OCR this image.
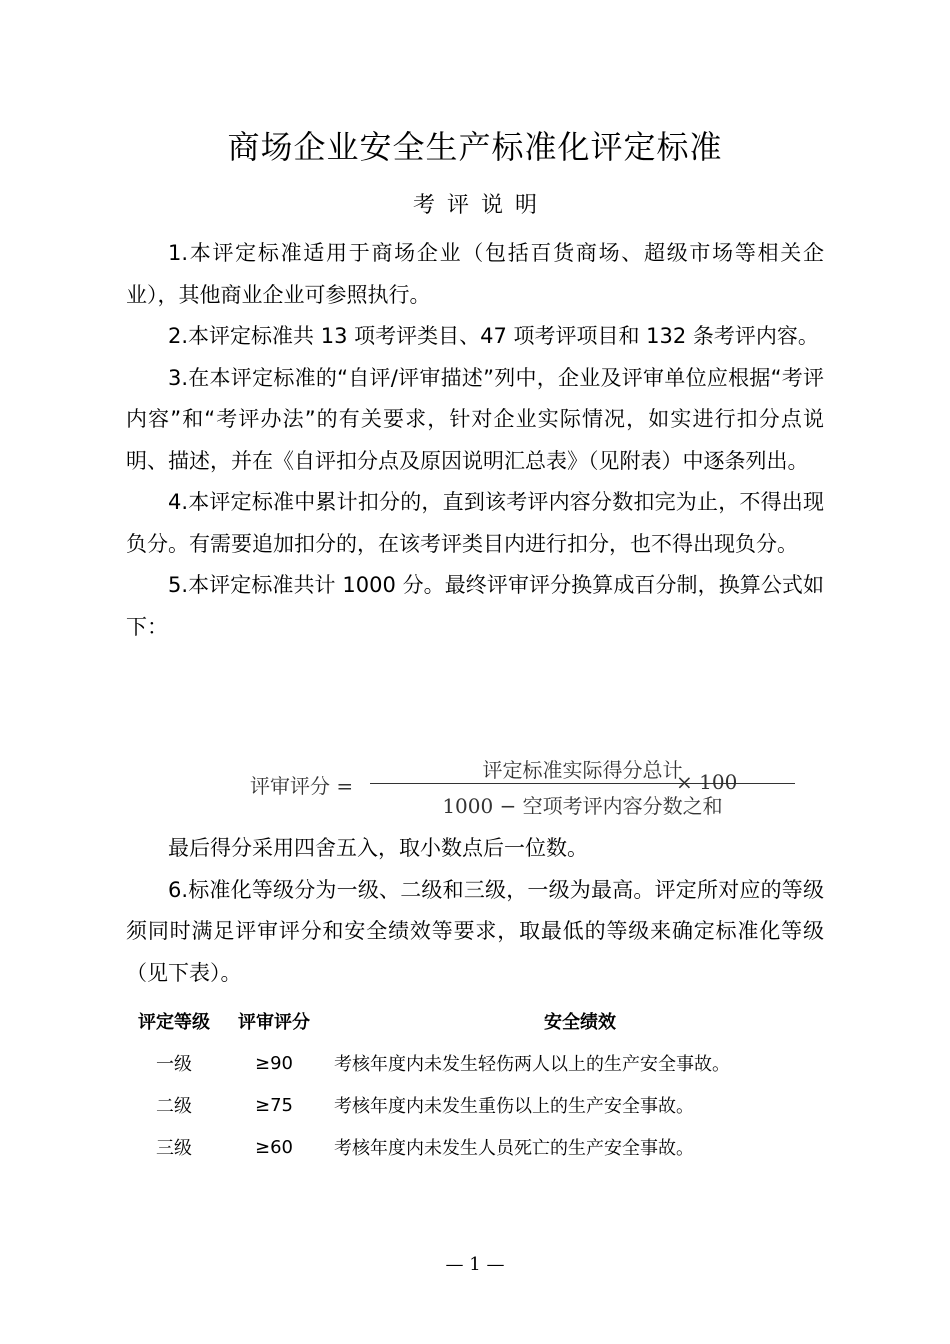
商场企业安全生产标准化评定标准
考评说明

1.本评定标准适用于商场企业（包括百货商场、超级市场等相关企业），其他商业企业可参照执行。

2.本评定标准共 13 项考评类目、47 项考评项目和 132 条考评内容。

3.在本评定标准的“自评/评审描述”列中，企业及评审单位应根据“考评内容”和“考评办法”的有关要求，针对企业实际情况，如实进行扣分点说明、描述，并在《自评扣分点及原因说明汇总表》（见附表）中逐条列出。

4.本评定标准中累计扣分的，直到该考评内容分数扣完为止，不得出现负分。有需要追加扣分的，在该考评类目内进行扣分，也不得出现负分。

5.本评定标准共计 1000 分。最终评审评分换算成百分制，换算公式如下：

评审评分 =
评定标准实际得分总计
1000 − 空项考评内容分数之和
× 100

最后得分采用四舍五入，取小数点后一位数。

6.标准化等级分为一级、二级和三级，一级为最高。评定所对应的等级须同时满足评审评分和安全绩效等要求，取最低的等级来确定标准化等级（见下表）。

评定等级	评审评分	安全绩效
一级	≥90	考核年度内未发生轻伤两人以上的生产安全事故。
二级	≥75	考核年度内未发生重伤以上的生产安全事故。
三级	≥60	考核年度内未发生人员死亡的生产安全事故。
— 1 —
